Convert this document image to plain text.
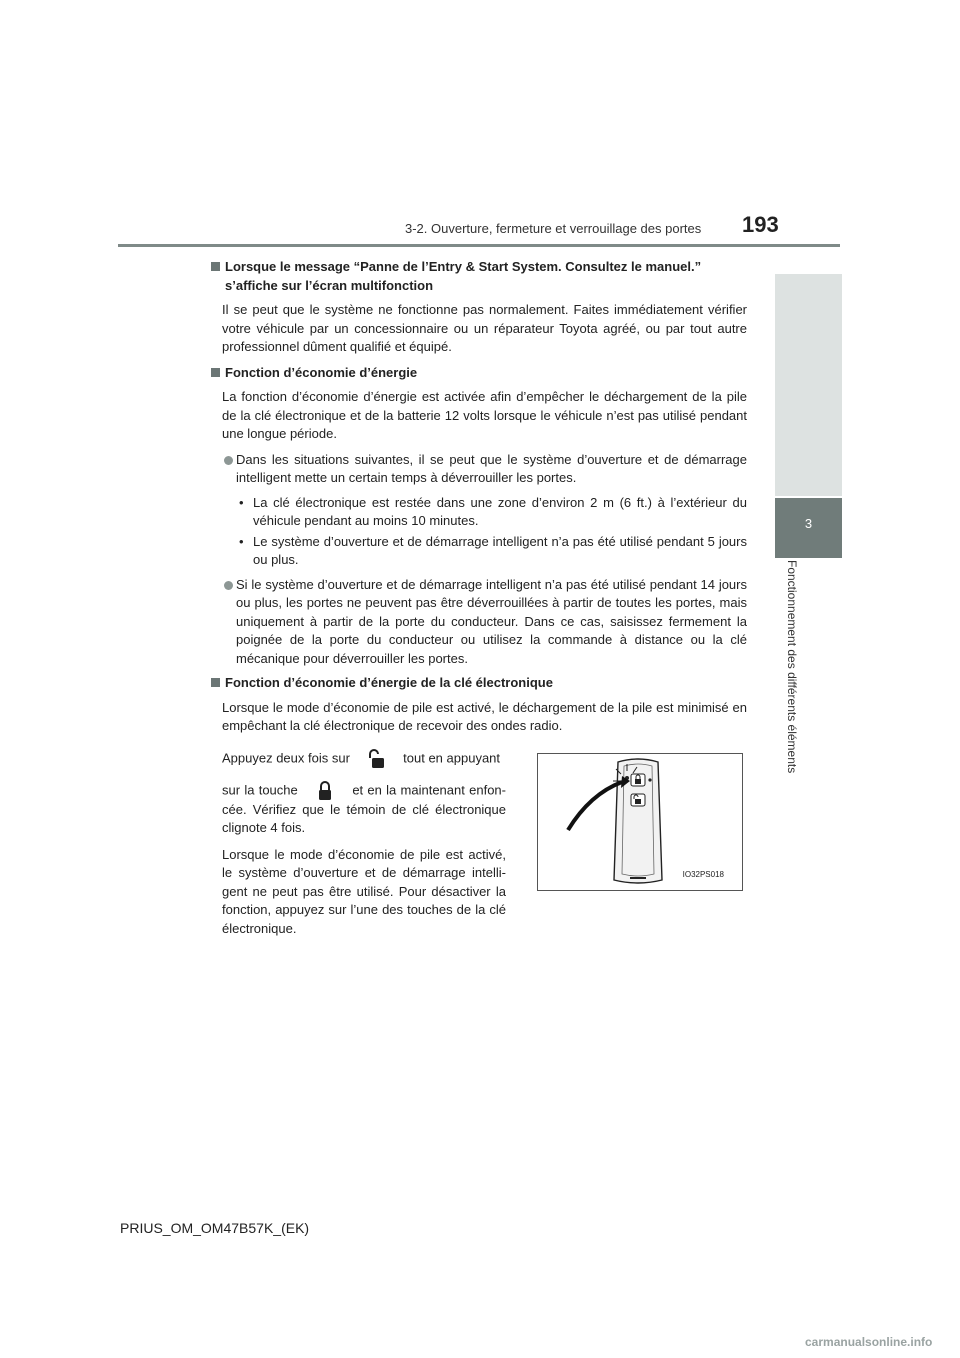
3-2. Ouverture, fermeture et verrouillage des portes 193
3
Fonctionnement des différents éléments
Lorsque le message “Panne de l’Entry & Start System. Consultez le manuel.” s’affiche sur l’écran multifonction

Il se peut que le système ne fonctionne pas normalement. Faites immédiatement vérifier votre véhicule par un concessionnaire ou un réparateur Toyota agréé, ou par tout autre professionnel dûment qualifié et équipé.

Fonction d’économie d’énergie

La fonction d’économie d’énergie est activée afin d’empêcher le déchargement de la pile de la clé électronique et de la batterie 12 volts lorsque le véhicule n’est pas utilisé pendant une longue période.

Dans les situations suivantes, il se peut que le système d’ouverture et de démarrage intelligent mette un certain temps à déverrouiller les portes.
• La clé électronique est restée dans une zone d’environ 2 m (6 ft.) à l’extérieur du véhicule pendant au moins 10 minutes.
• Le système d’ouverture et de démarrage intelligent n’a pas été utilisé pendant 5 jours ou plus.
Si le système d’ouverture et de démarrage intelligent n’a pas été utilisé pendant 14 jours ou plus, les portes ne peuvent pas être déverrouillées à partir de toutes les portes, mais uniquement à partir de la porte du conducteur. Dans ce cas, saisissez fermement la poignée de la porte du conducteur ou utilisez la commande à distance ou la clé mécanique pour déverrouiller les portes.
Fonction d’économie d’énergie de la clé électronique

Lorsque le mode d’économie de pile est activé, le déchargement de la pile est minimisé en empêchant la clé électronique de recevoir des ondes radio.

Appuyez deux fois sur	tout en appuyant

sur la touche	et en la maintenant enfoncée. Vérifiez que le témoin de clé électronique clignote 4 fois.

Lorsque le mode d’économie de pile est activé, le système d’ouverture et de démarrage intelligent ne peut pas être utilisé. Pour désactiver la fonction, appuyez sur l’une des touches de la clé électronique.

IO32PS018
PRIUS_OM_OM47B57K_(EK)
carmanualsonline.info
